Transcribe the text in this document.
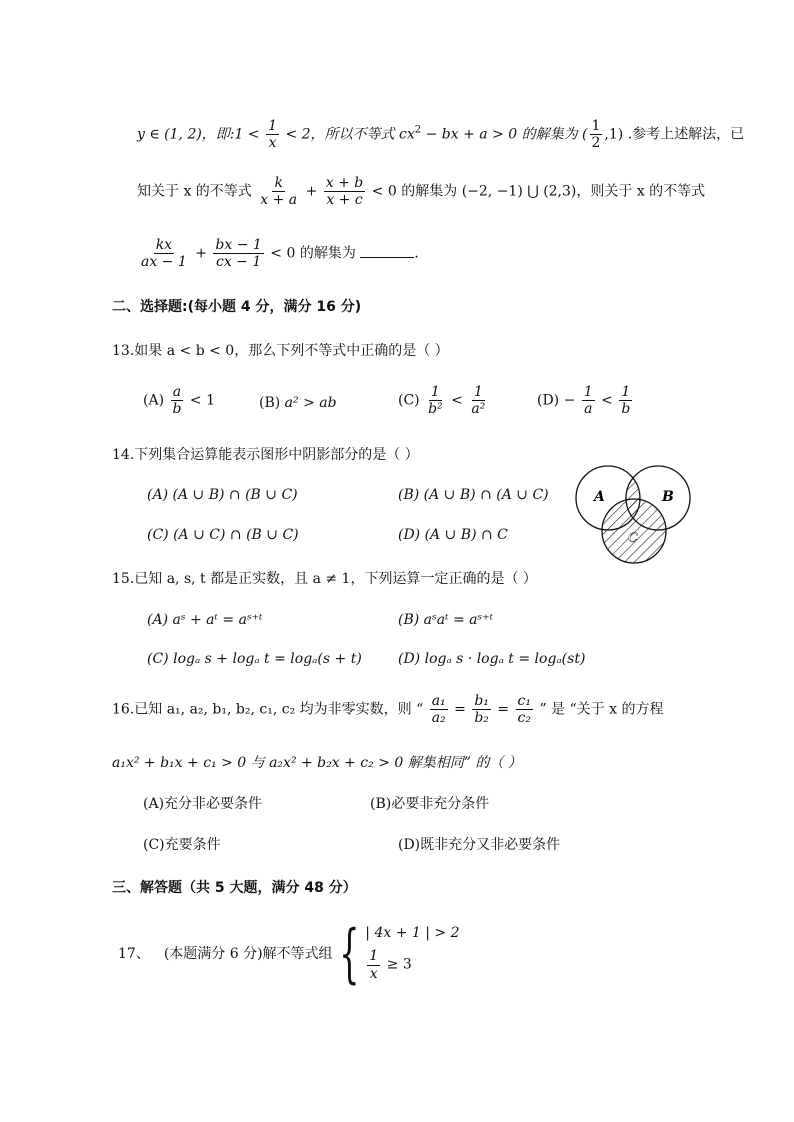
y ∈ (1, 2)，即:1 < $\frac{1}{x} < 2$，所以不等式 $cx^2$ − bx + a > 0 的解集为 ( $\frac{1}{2} ,1$) .参考上述解法，已
知关于 x 的不等式 $\frac{k}{x + a} + \frac{x + b}{x + c} < 0$ 的解集为 (−2, −1) ⋃ (2,3)，则关于 x 的不等式
$\frac{kx}{ax - 1} + \frac{bx - 1}{cx - 1} < 0$ 的解集为	.
二、选择题:(每小题 4 分，满分 16 分)
13.如果 a < b < 0，那么下列不等式中正确的是（ ）
$(A) \frac{a}{b} < 1$	(B) a² > ab	$(C) \frac{1}{\text{b²}} < \frac{1}{\text{a²}}$	$(D) - \frac{1}{a} < \frac{1}{b}$
14.下列集合运算能表示图形中阴影部分的是（ ）
(A) (A ∪ B) ∩ (B ∪ C)	(B) (A ∪ B) ∩ (A ∪ C)
(C) (A ∪ C) ∩ (B ∪ C)	(D) (A ∪ B) ∩ C
A	B
C
15.已知 a, s, t 都是正实数，且 a ≠ 1，下列运算一定正确的是（ ）
(A) aˢ + aᵗ = aˢ⁺ᵗ	(B) aˢaᵗ = aˢ⁺ᵗ
(C) logₐ s + logₐ t = logₐ(s + t)	(D) logₐ s · logₐ t = logₐ(st)
16.已知 a₁, a₂, b₁, b₂, c₁, c₂ 均为非零实数，则 “ $\frac{\text{a₁}}{\text{a₂}} = \frac{\text{b₁}}{\text{b₂}} = \frac{\text{c₁}}{\text{c₂}}$ ” 是 “关于 x 的方程
a₁x² + b₁x + c₁ > 0 与 a₂x² + b₂x + c₂ > 0 解集相同” 的（ ）
(A)充分非必要条件	(B)必要非充分条件
(C)充要条件	(D)既非充分又非必要条件
三、解答题（共 5 大题，满分 48 分）
17、 (本题满分 6 分)解不等式组 { | 4x + 1 | > 2
$\frac{1}{x} \ge 3$
